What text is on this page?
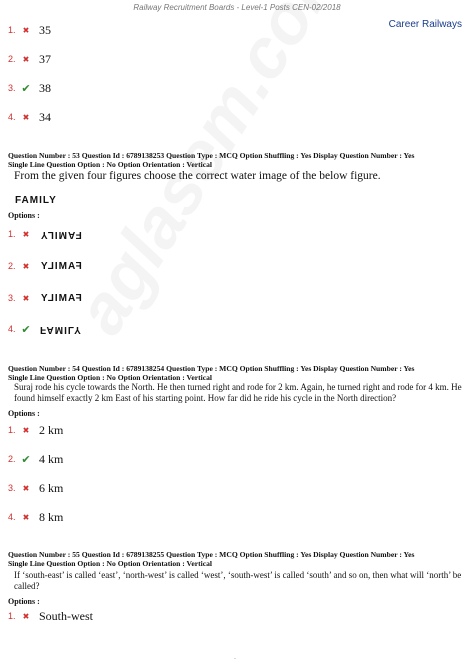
Railway Recruitment Boards - Level-1 Posts CEN-02/2018
Career Railways
1. ✖ 35
2. ✖ 37
3. ✔ 38
4. ✖ 34
Question Number : 53 Question Id : 6789138253 Question Type : MCQ Option Shuffling : Yes Display Question Number : Yes
Single Line Question Option : No Option Orientation : Vertical
From the given four figures choose the correct water image of the below figure.
FAMILY
Options :
1. ✖ FAMILY
2. ✖ FAMILY
3. ✖ FAMILY
4. ✔ FAMILY
Question Number : 54 Question Id : 6789138254 Question Type : MCQ Option Shuffling : Yes Display Question Number : Yes
Single Line Question Option : No Option Orientation : Vertical
Suraj rode his cycle towards the North. He then turned right and rode for 2 km. Again, he turned right and rode for 4 km. He found himself exactly 2 km East of his starting point. How far did he ride his cycle in the North direction?
Options :
1. ✖ 2 km
2. ✔ 4 km
3. ✖ 6 km
4. ✖ 8 km
Question Number : 55 Question Id : 6789138255 Question Type : MCQ Option Shuffling : Yes Display Question Number : Yes
Single Line Question Option : No Option Orientation : Vertical
If ‘south-east’ is called ‘east’, ‘north-west’ is called ‘west’, ‘south-west’ is called ‘south’ and so on, then what will ‘north’ be called?
Options :
1. ✖ South-west
-
